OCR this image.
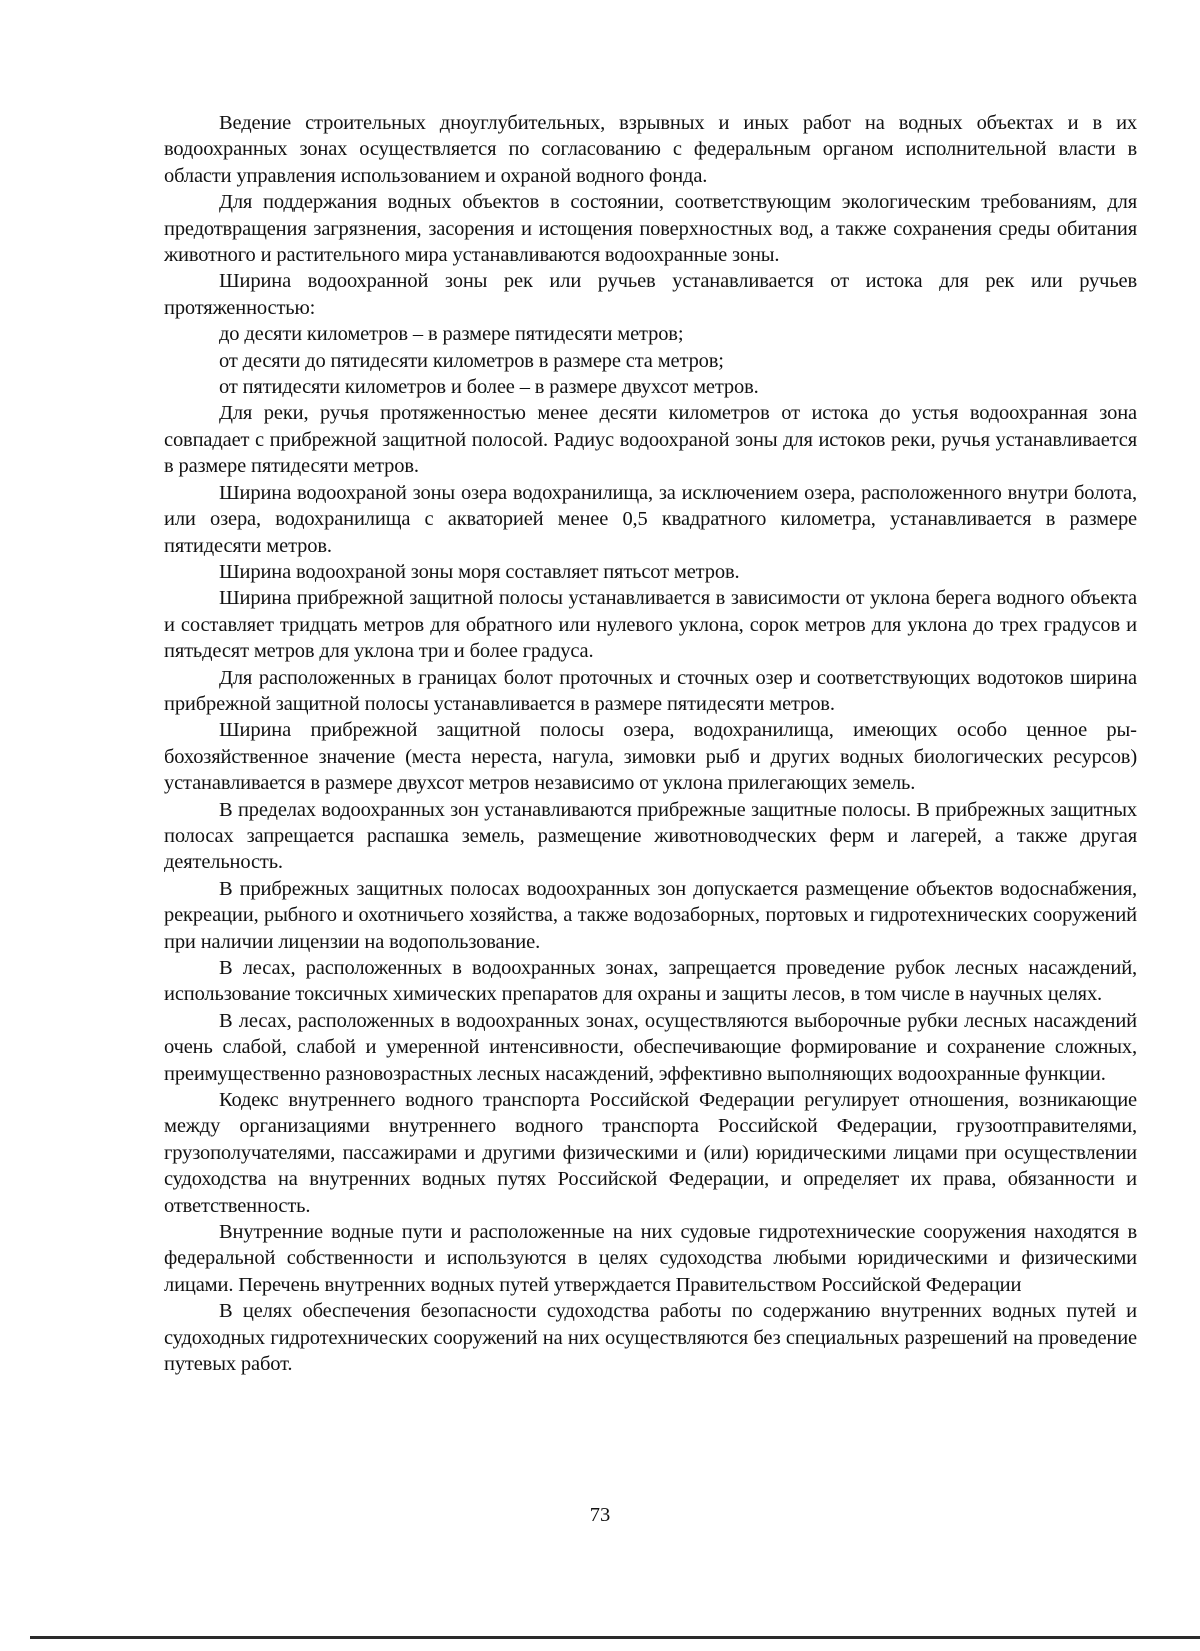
Ведение строительных дноуглубительных, взрывных и иных работ на водных объектах и в их водоохранных зонах осуществляется по согласованию с федеральным органом исполнительной власти в области управления использованием и охраной водного фонда.

Для поддержания водных объектов в состоянии, соответствующим экологическим требованиям, для предотвращения загрязнения, засорения и истощения поверхностных вод, а также сохранения среды обитания животного и растительного мира устанавливаются водоохранные зоны.

Ширина водоохранной зоны рек или ручьев устанавливается от истока для рек или ручьев протяженностью:

до десяти километров – в размере пятидесяти метров;

от десяти до пятидесяти километров в размере ста метров;

от пятидесяти километров и более – в размере двухсот метров.

Для реки, ручья протяженностью менее десяти километров от истока до устья водоохранная зона совпадает с прибрежной защитной полосой. Радиус водоохраной зоны для истоков реки, ручья устанавливается в размере пятидесяти метров.

Ширина водоохраной зоны озера водохранилища, за исключением озера, расположенного внутри болота, или озера, водохранилища с акваторией менее 0,5 квадратного километра, устанавливается в размере пятидесяти метров.

Ширина водоохраной зоны моря составляет пятьсот метров.

Ширина прибрежной защитной полосы устанавливается в зависимости от уклона берега водного объекта и составляет тридцать метров для обратного или нулевого уклона, сорок метров для уклона до трех градусов и пятьдесят метров для уклона три и более градуса.

Для расположенных в границах болот проточных и сточных озер и соответствующих водотоков ширина прибрежной защитной полосы устанавливается в размере пятидесяти метров.

Ширина прибрежной защитной полосы озера, водохранилища, имеющих особо ценное рыбохозяйственное значение (места нереста, нагула, зимовки рыб и других водных биологических ресурсов) устанавливается в размере двухсот метров независимо от уклона прилегающих земель.

В пределах водоохранных зон устанавливаются прибрежные защитные полосы. В прибрежных защитных полосах запрещается распашка земель, размещение животноводческих ферм и лагерей, а также другая деятельность.

В прибрежных защитных полосах водоохранных зон допускается размещение объектов водоснабжения, рекреации, рыбного и охотничьего хозяйства, а также водозаборных, портовых и гидротехнических сооружений при наличии лицензии на водопользование.

В лесах, расположенных в водоохранных зонах, запрещается проведение рубок лесных насаждений, использование токсичных химических препаратов для охраны и защиты лесов, в том числе в научных целях.

В лесах, расположенных в водоохранных зонах, осуществляются выборочные рубки лесных насаждений очень слабой, слабой и умеренной интенсивности, обеспечивающие формирование и сохранение сложных, преимущественно разновозрастных лесных насаждений, эффективно выполняющих водоохранные функции.

Кодекс внутреннего водного транспорта Российской Федерации регулирует отношения, возникающие между организациями внутреннего водного транспорта Российской Федерации, грузоотправителями, грузополучателями, пассажирами и другими физическими и (или) юридическими лицами при осуществлении судоходства на внутренних водных путях Российской Федерации, и определяет их права, обязанности и ответственность.

Внутренние водные пути и расположенные на них судовые гидротехнические сооружения находятся в федеральной собственности и используются в целях судоходства любыми юридическими и физическими лицами. Перечень внутренних водных путей утверждается Правительством Российской Федерации

В целях обеспечения безопасности судоходства работы по содержанию внутренних водных путей и судоходных гидротехнических сооружений на них осуществляются без специальных разрешений на проведение путевых работ.

73
